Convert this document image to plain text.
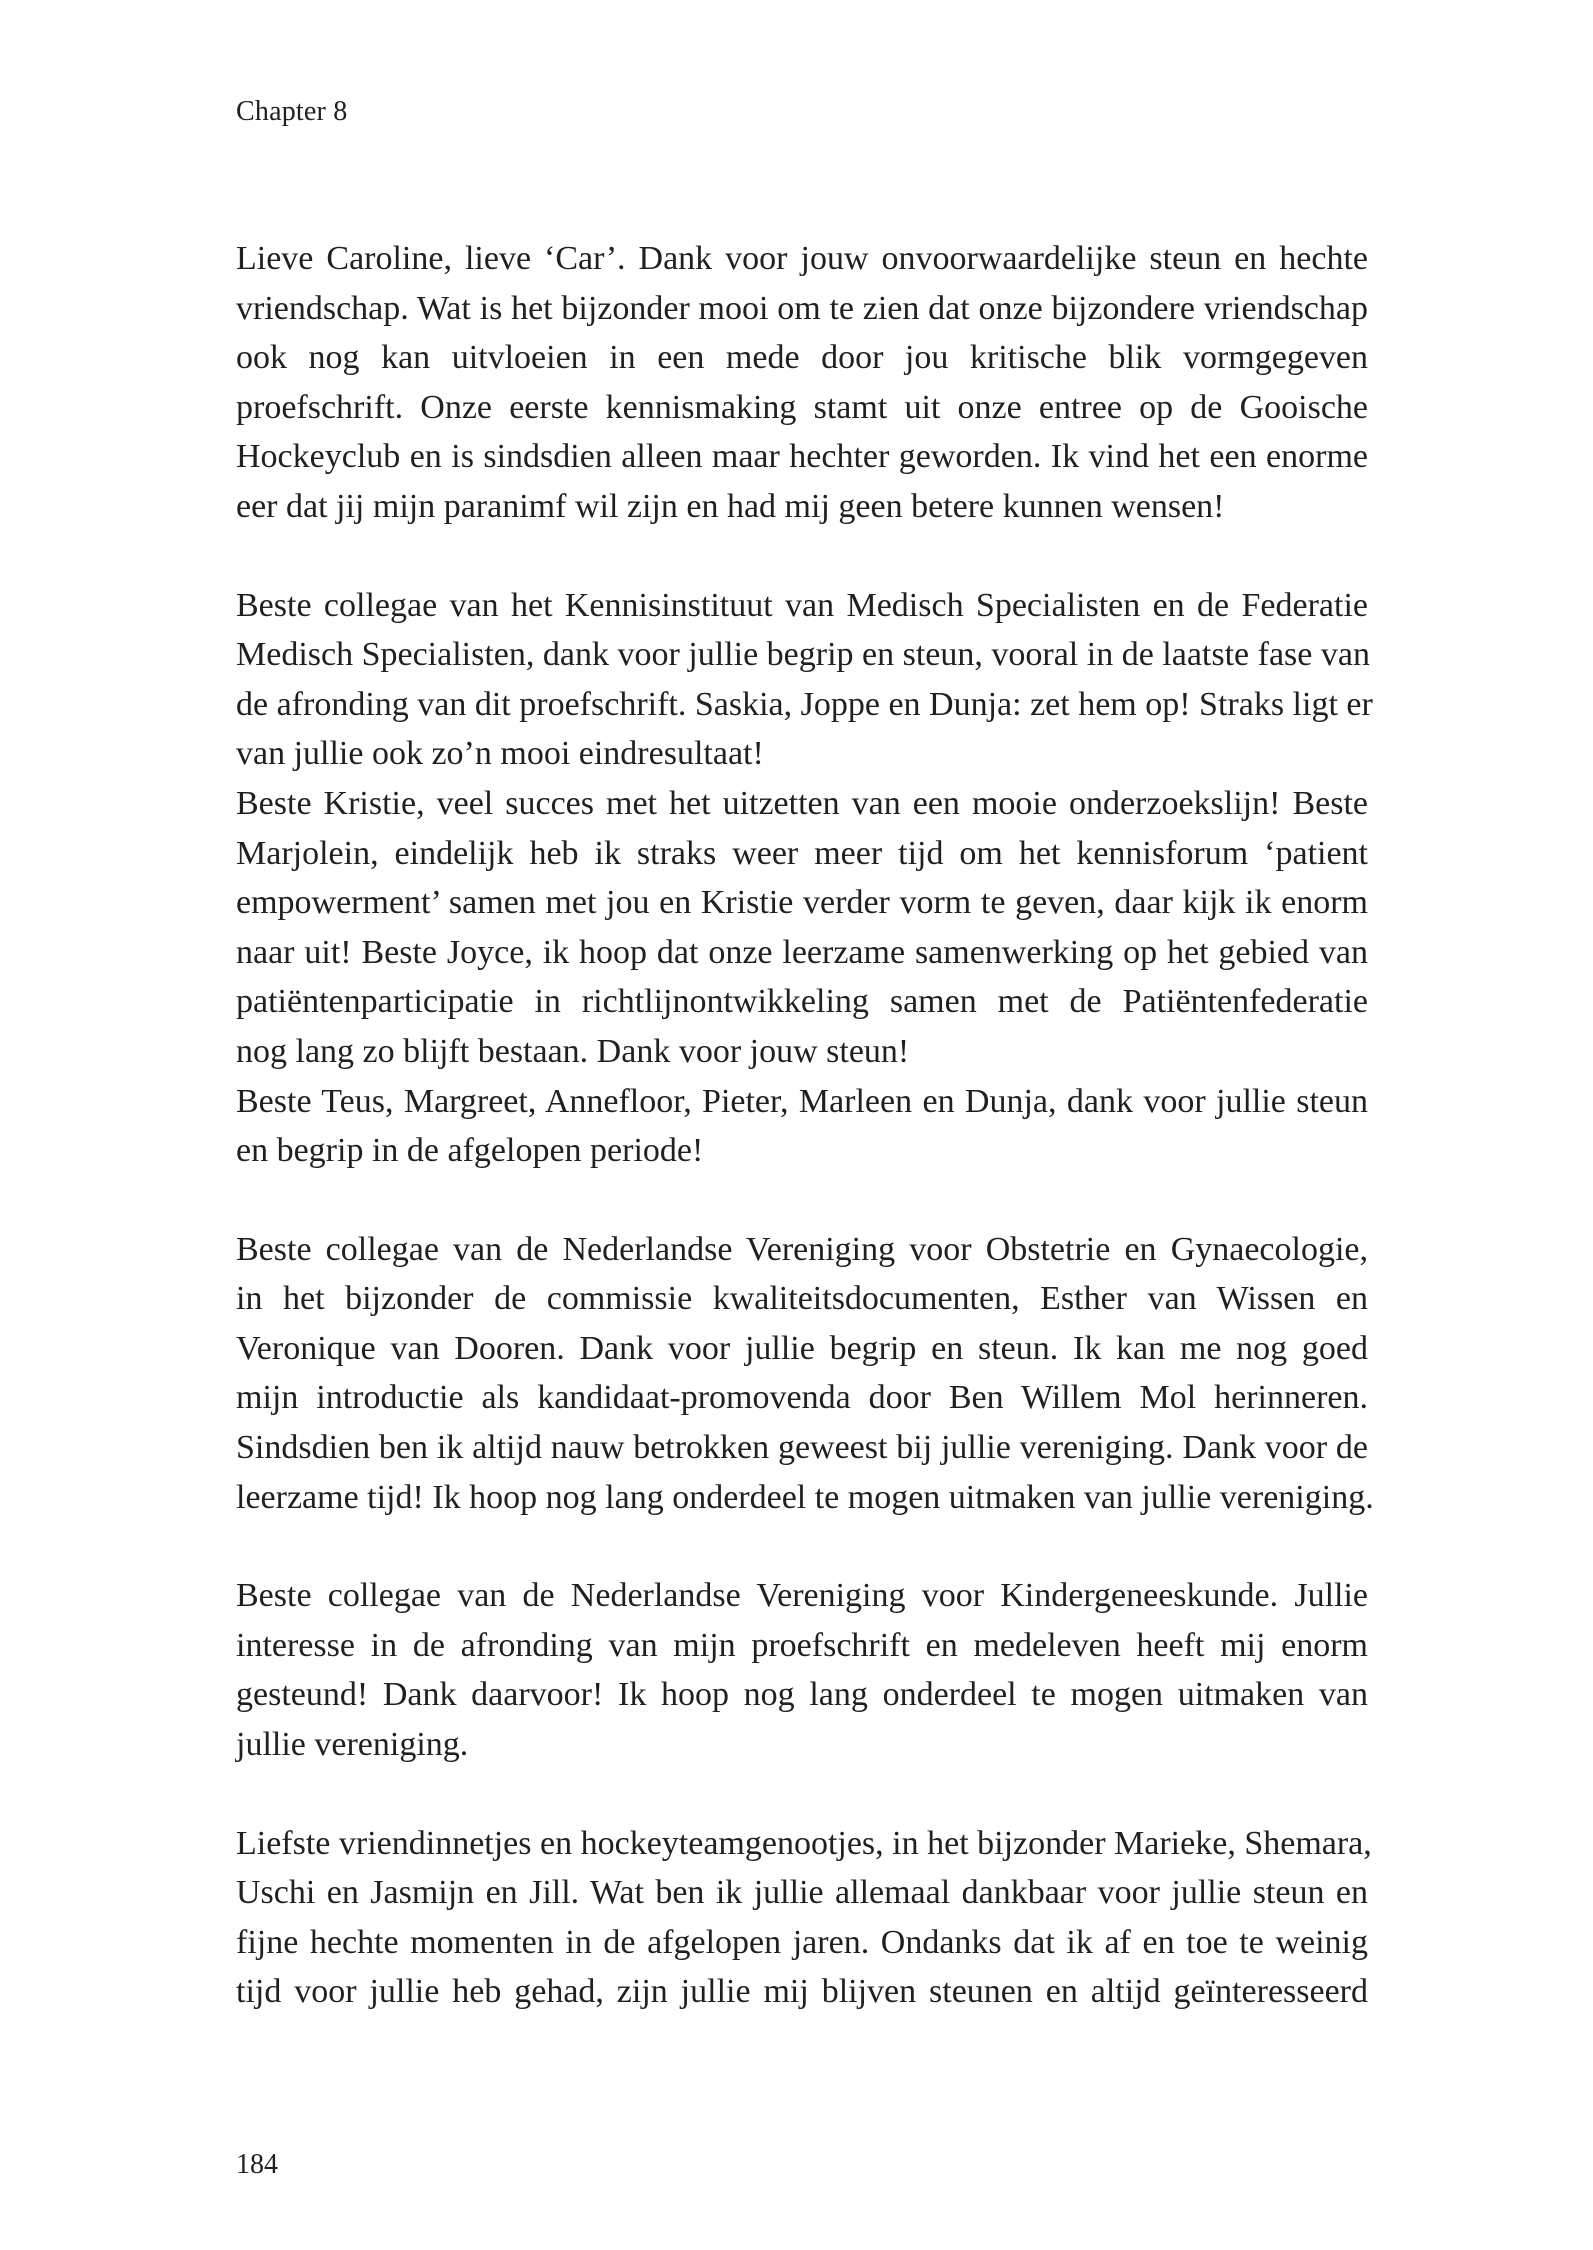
Chapter 8

Lieve Caroline, lieve ‘Car’. Dank voor jouw onvoorwaardelijke steun en hechte
vriendschap. Wat is het bijzonder mooi om te zien dat onze bijzondere vriendschap
ook nog kan uitvloeien in een mede door jou kritische blik vormgegeven
proefschrift. Onze eerste kennismaking stamt uit onze entree op de Gooische
Hockeyclub en is sindsdien alleen maar hechter geworden. Ik vind het een enorme
eer dat jij mijn paranimf wil zijn en had mij geen betere kunnen wensen!

Beste collegae van het Kennisinstituut van Medisch Specialisten en de Federatie
Medisch Specialisten, dank voor jullie begrip en steun, vooral in de laatste fase van
de afronding van dit proefschrift. Saskia, Joppe en Dunja: zet hem op! Straks ligt er
van jullie ook zo’n mooi eindresultaat!

Beste Kristie, veel succes met het uitzetten van een mooie onderzoekslijn! Beste
Marjolein, eindelijk heb ik straks weer meer tijd om het kennisforum ‘patient
empowerment’ samen met jou en Kristie verder vorm te geven, daar kijk ik enorm
naar uit! Beste Joyce, ik hoop dat onze leerzame samenwerking op het gebied van
patiëntenparticipatie in richtlijnontwikkeling samen met de Patiëntenfederatie
nog lang zo blijft bestaan. Dank voor jouw steun!

Beste Teus, Margreet, Annefloor, Pieter, Marleen en Dunja, dank voor jullie steun
en begrip in de afgelopen periode!

Beste collegae van de Nederlandse Vereniging voor Obstetrie en Gynaecologie,
in het bijzonder de commissie kwaliteitsdocumenten, Esther van Wissen en
Veronique van Dooren. Dank voor jullie begrip en steun. Ik kan me nog goed
mijn introductie als kandidaat-promovenda door Ben Willem Mol herinneren.
Sindsdien ben ik altijd nauw betrokken geweest bij jullie vereniging. Dank voor de
leerzame tijd! Ik hoop nog lang onderdeel te mogen uitmaken van jullie vereniging.

Beste collegae van de Nederlandse Vereniging voor Kindergeneeskunde. Jullie
interesse in de afronding van mijn proefschrift en medeleven heeft mij enorm
gesteund! Dank daarvoor! Ik hoop nog lang onderdeel te mogen uitmaken van
jullie vereniging.

Liefste vriendinnetjes en hockeyteamgenootjes, in het bijzonder Marieke, Shemara,
Uschi en Jasmijn en Jill. Wat ben ik jullie allemaal dankbaar voor jullie steun en
fijne hechte momenten in de afgelopen jaren. Ondanks dat ik af en toe te weinig
tijd voor jullie heb gehad, zijn jullie mij blijven steunen en altijd geïnteresseerd

184
